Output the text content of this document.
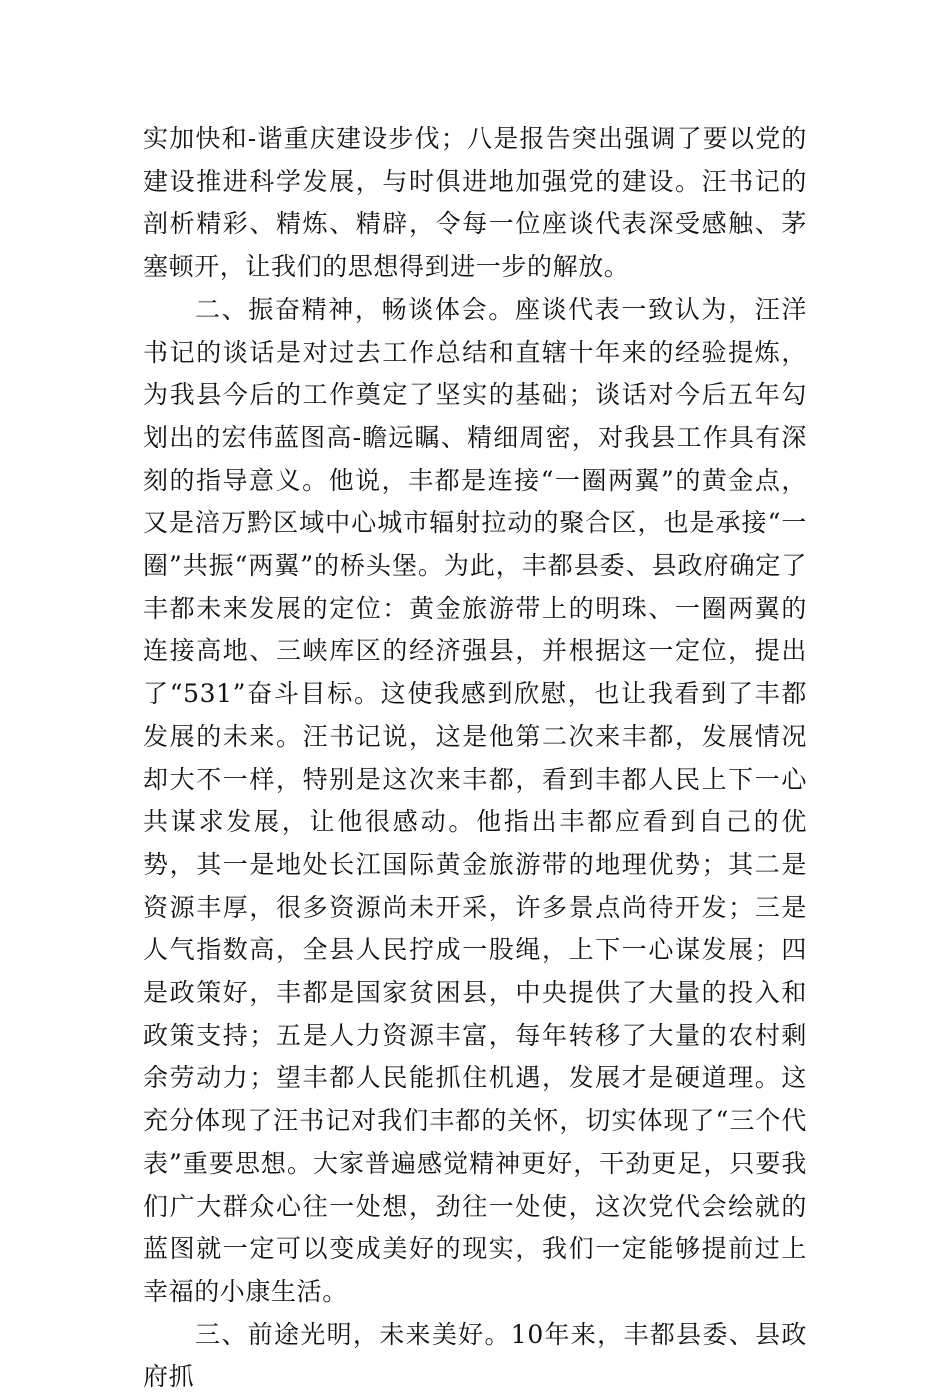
实加快和-谐重庆建设步伐；八是报告突出强调了要以党的建设推进科学发展，与时俱进地加强党的建设。汪书记的剖析精彩、精炼、精辟，令每一位座谈代表深受感触、茅塞顿开，让我们的思想得到进一步的解放。

二、振奋精神，畅谈体会。座谈代表一致认为，汪洋书记的谈话是对过去工作总结和直辖十年来的经验提炼，为我县今后的工作奠定了坚实的基础；谈话对今后五年勾划出的宏伟蓝图高-瞻远瞩、精细周密，对我县工作具有深刻的指导意义。他说，丰都是连接“一圈两翼”的黄金点，又是涪万黔区域中心城市辐射拉动的聚合区，也是承接“一圈”共振“两翼”的桥头堡。为此，丰都县委、县政府确定了丰都未来发展的定位：黄金旅游带上的明珠、一圈两翼的连接高地、三峡库区的经济强县，并根据这一定位，提出了“531”奋斗目标。这使我感到欣慰，也让我看到了丰都发展的未来。汪书记说，这是他第二次来丰都，发展情况却大不一样，特别是这次来丰都，看到丰都人民上下一心共谋求发展，让他很感动。他指出丰都应看到自己的优势，其一是地处长江国际黄金旅游带的地理优势；其二是资源丰厚，很多资源尚未开采，许多景点尚待开发；三是人气指数高，全县人民拧成一股绳，上下一心谋发展；四是政策好，丰都是国家贫困县，中央提供了大量的投入和政策支持；五是人力资源丰富，每年转移了大量的农村剩余劳动力；望丰都人民能抓住机遇，发展才是硬道理。这充分体现了汪书记对我们丰都的关怀，切实体现了“三个代表”重要思想。大家普遍感觉精神更好，干劲更足，只要我们广大群众心往一处想，劲往一处使，这次党代会绘就的蓝图就一定可以变成美好的现实，我们一定能够提前过上幸福的小康生活。

三、前途光明，未来美好。10年来，丰都县委、县政府抓
